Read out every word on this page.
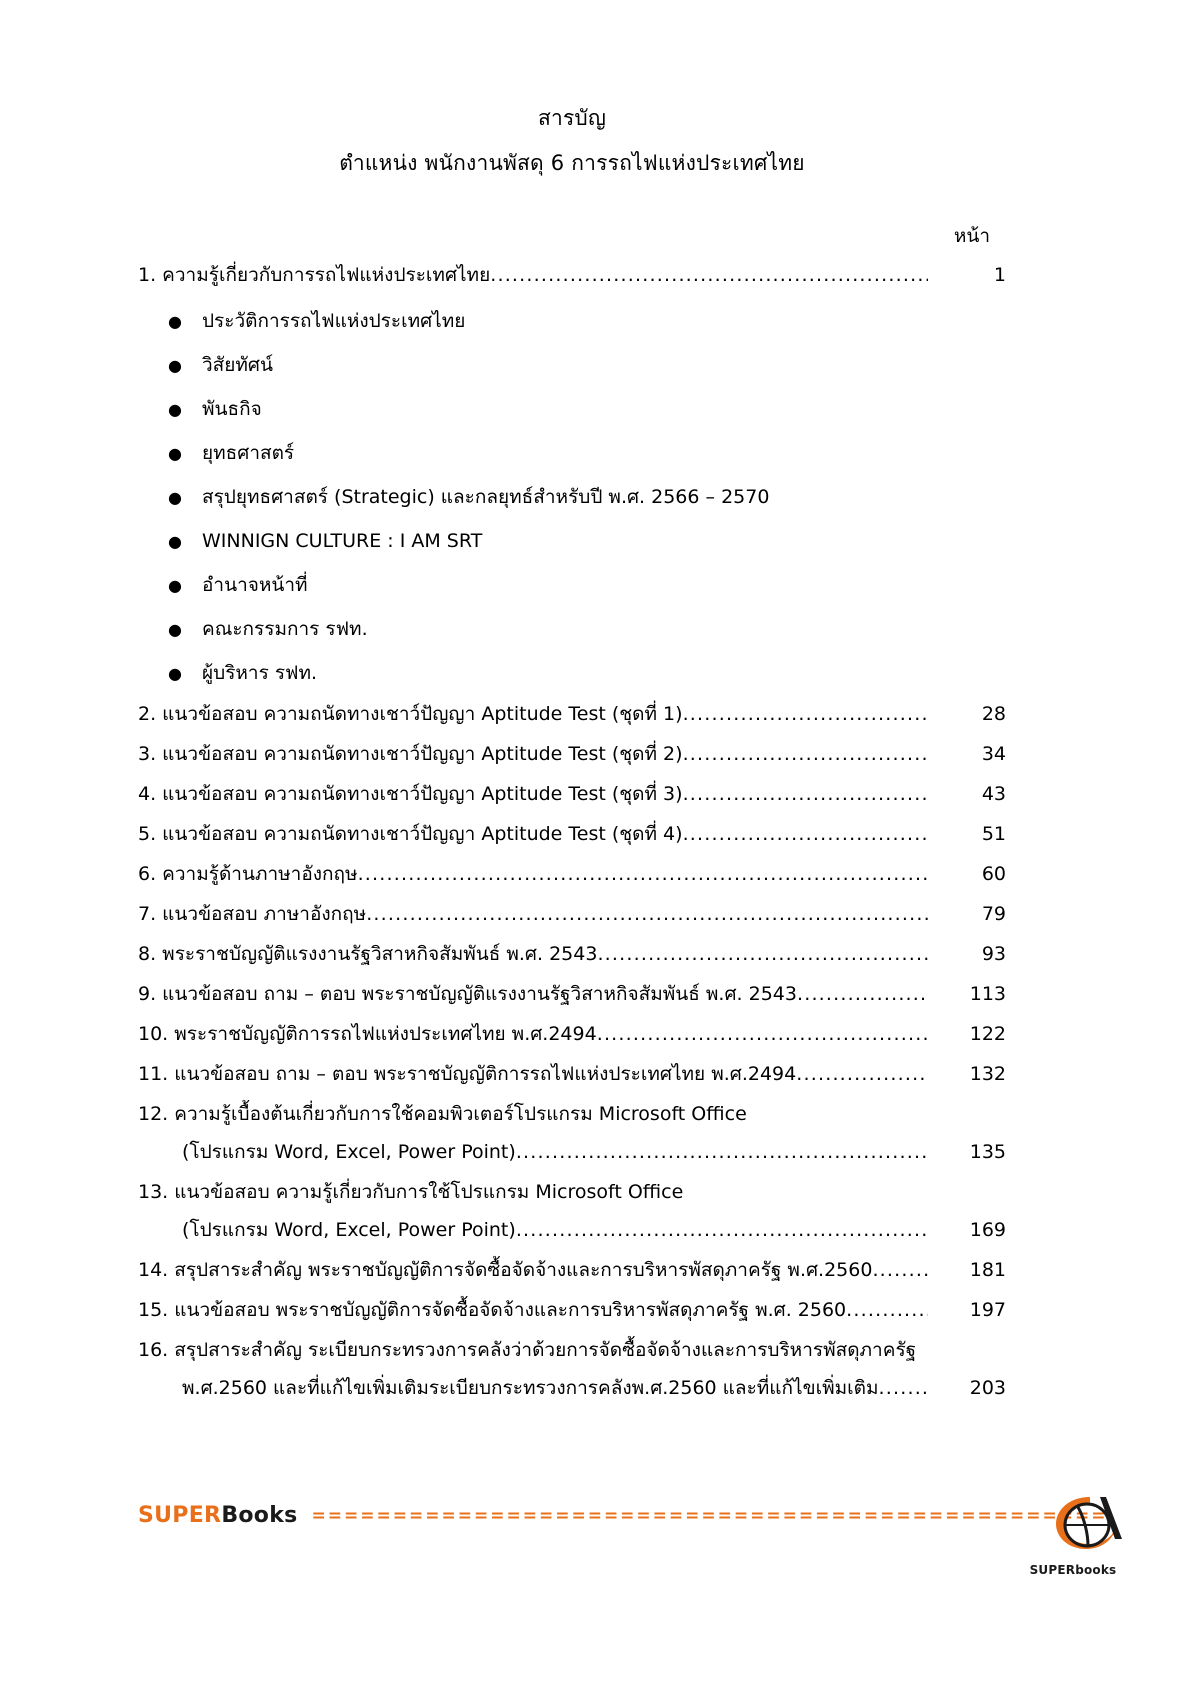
สารบัญ
ตำแหน่ง พนักงานพัสดุ 6 การรถไฟแห่งประเทศไทย
หน้า
1. ความรู้เกี่ยวกับการรถไฟแห่งประเทศไทย .....	1
●	ประวัติการรถไฟแห่งประเทศไทย
●	วิสัยทัศน์
●	พันธกิจ
●	ยุทธศาสตร์
●	สรุปยุทธศาสตร์ (Strategic) และกลยุทธ์สำหรับปี พ.ศ. 2566 – 2570
●	WINNIGN CULTURE : I AM SRT
●	อำนาจหน้าที่
●	คณะกรรมการ รฟท.
●	ผู้บริหาร รฟท.
2. แนวข้อสอบ ความถนัดทางเชาว์ปัญญา Aptitude Test (ชุดที่ 1) .....	28
3. แนวข้อสอบ ความถนัดทางเชาว์ปัญญา Aptitude Test (ชุดที่ 2) .....	34
4. แนวข้อสอบ ความถนัดทางเชาว์ปัญญา Aptitude Test (ชุดที่ 3) .....	43
5. แนวข้อสอบ ความถนัดทางเชาว์ปัญญา Aptitude Test (ชุดที่ 4) .....	51
6. ความรู้ด้านภาษาอังกฤษ .....	60
7. แนวข้อสอบ ภาษาอังกฤษ .....	79
8. พระราชบัญญัติแรงงานรัฐวิสาหกิจสัมพันธ์ พ.ศ. 2543 .....	93
9. แนวข้อสอบ ถาม – ตอบ พระราชบัญญัติแรงงานรัฐวิสาหกิจสัมพันธ์ พ.ศ. 2543 .....	113
10. พระราชบัญญัติการรถไฟแห่งประเทศไทย พ.ศ.2494 .....	122
11. แนวข้อสอบ ถาม – ตอบ พระราชบัญญัติการรถไฟแห่งประเทศไทย พ.ศ.2494 .....	132
12. ความรู้เบื้องต้นเกี่ยวกับการใช้คอมพิวเตอร์โปรแกรม Microsoft Office
(โปรแกรม Word, Excel, Power Point) .....	135
13. แนวข้อสอบ ความรู้เกี่ยวกับการใช้โปรแกรม Microsoft Office
(โปรแกรม Word, Excel, Power Point) .....	169
14. สรุปสาระสำคัญ พระราชบัญญัติการจัดซื้อจัดจ้างและการบริหารพัสดุภาครัฐ พ.ศ.2560 .....	181
15. แนวข้อสอบ พระราชบัญญัติการจัดซื้อจัดจ้างและการบริหารพัสดุภาครัฐ พ.ศ. 2560 .....	197
16. สรุปสาระสำคัญ ระเบียบกระทรวงการคลังว่าด้วยการจัดซื้อจัดจ้างและการบริหารพัสดุภาครัฐ
พ.ศ.2560 และที่แก้ไขเพิ่มเติมระเบียบกระทรวงการคลังพ.ศ.2560 และที่แก้ไขเพิ่มเติม .....	203
SUPERBooks
=====
SUPERbooks
